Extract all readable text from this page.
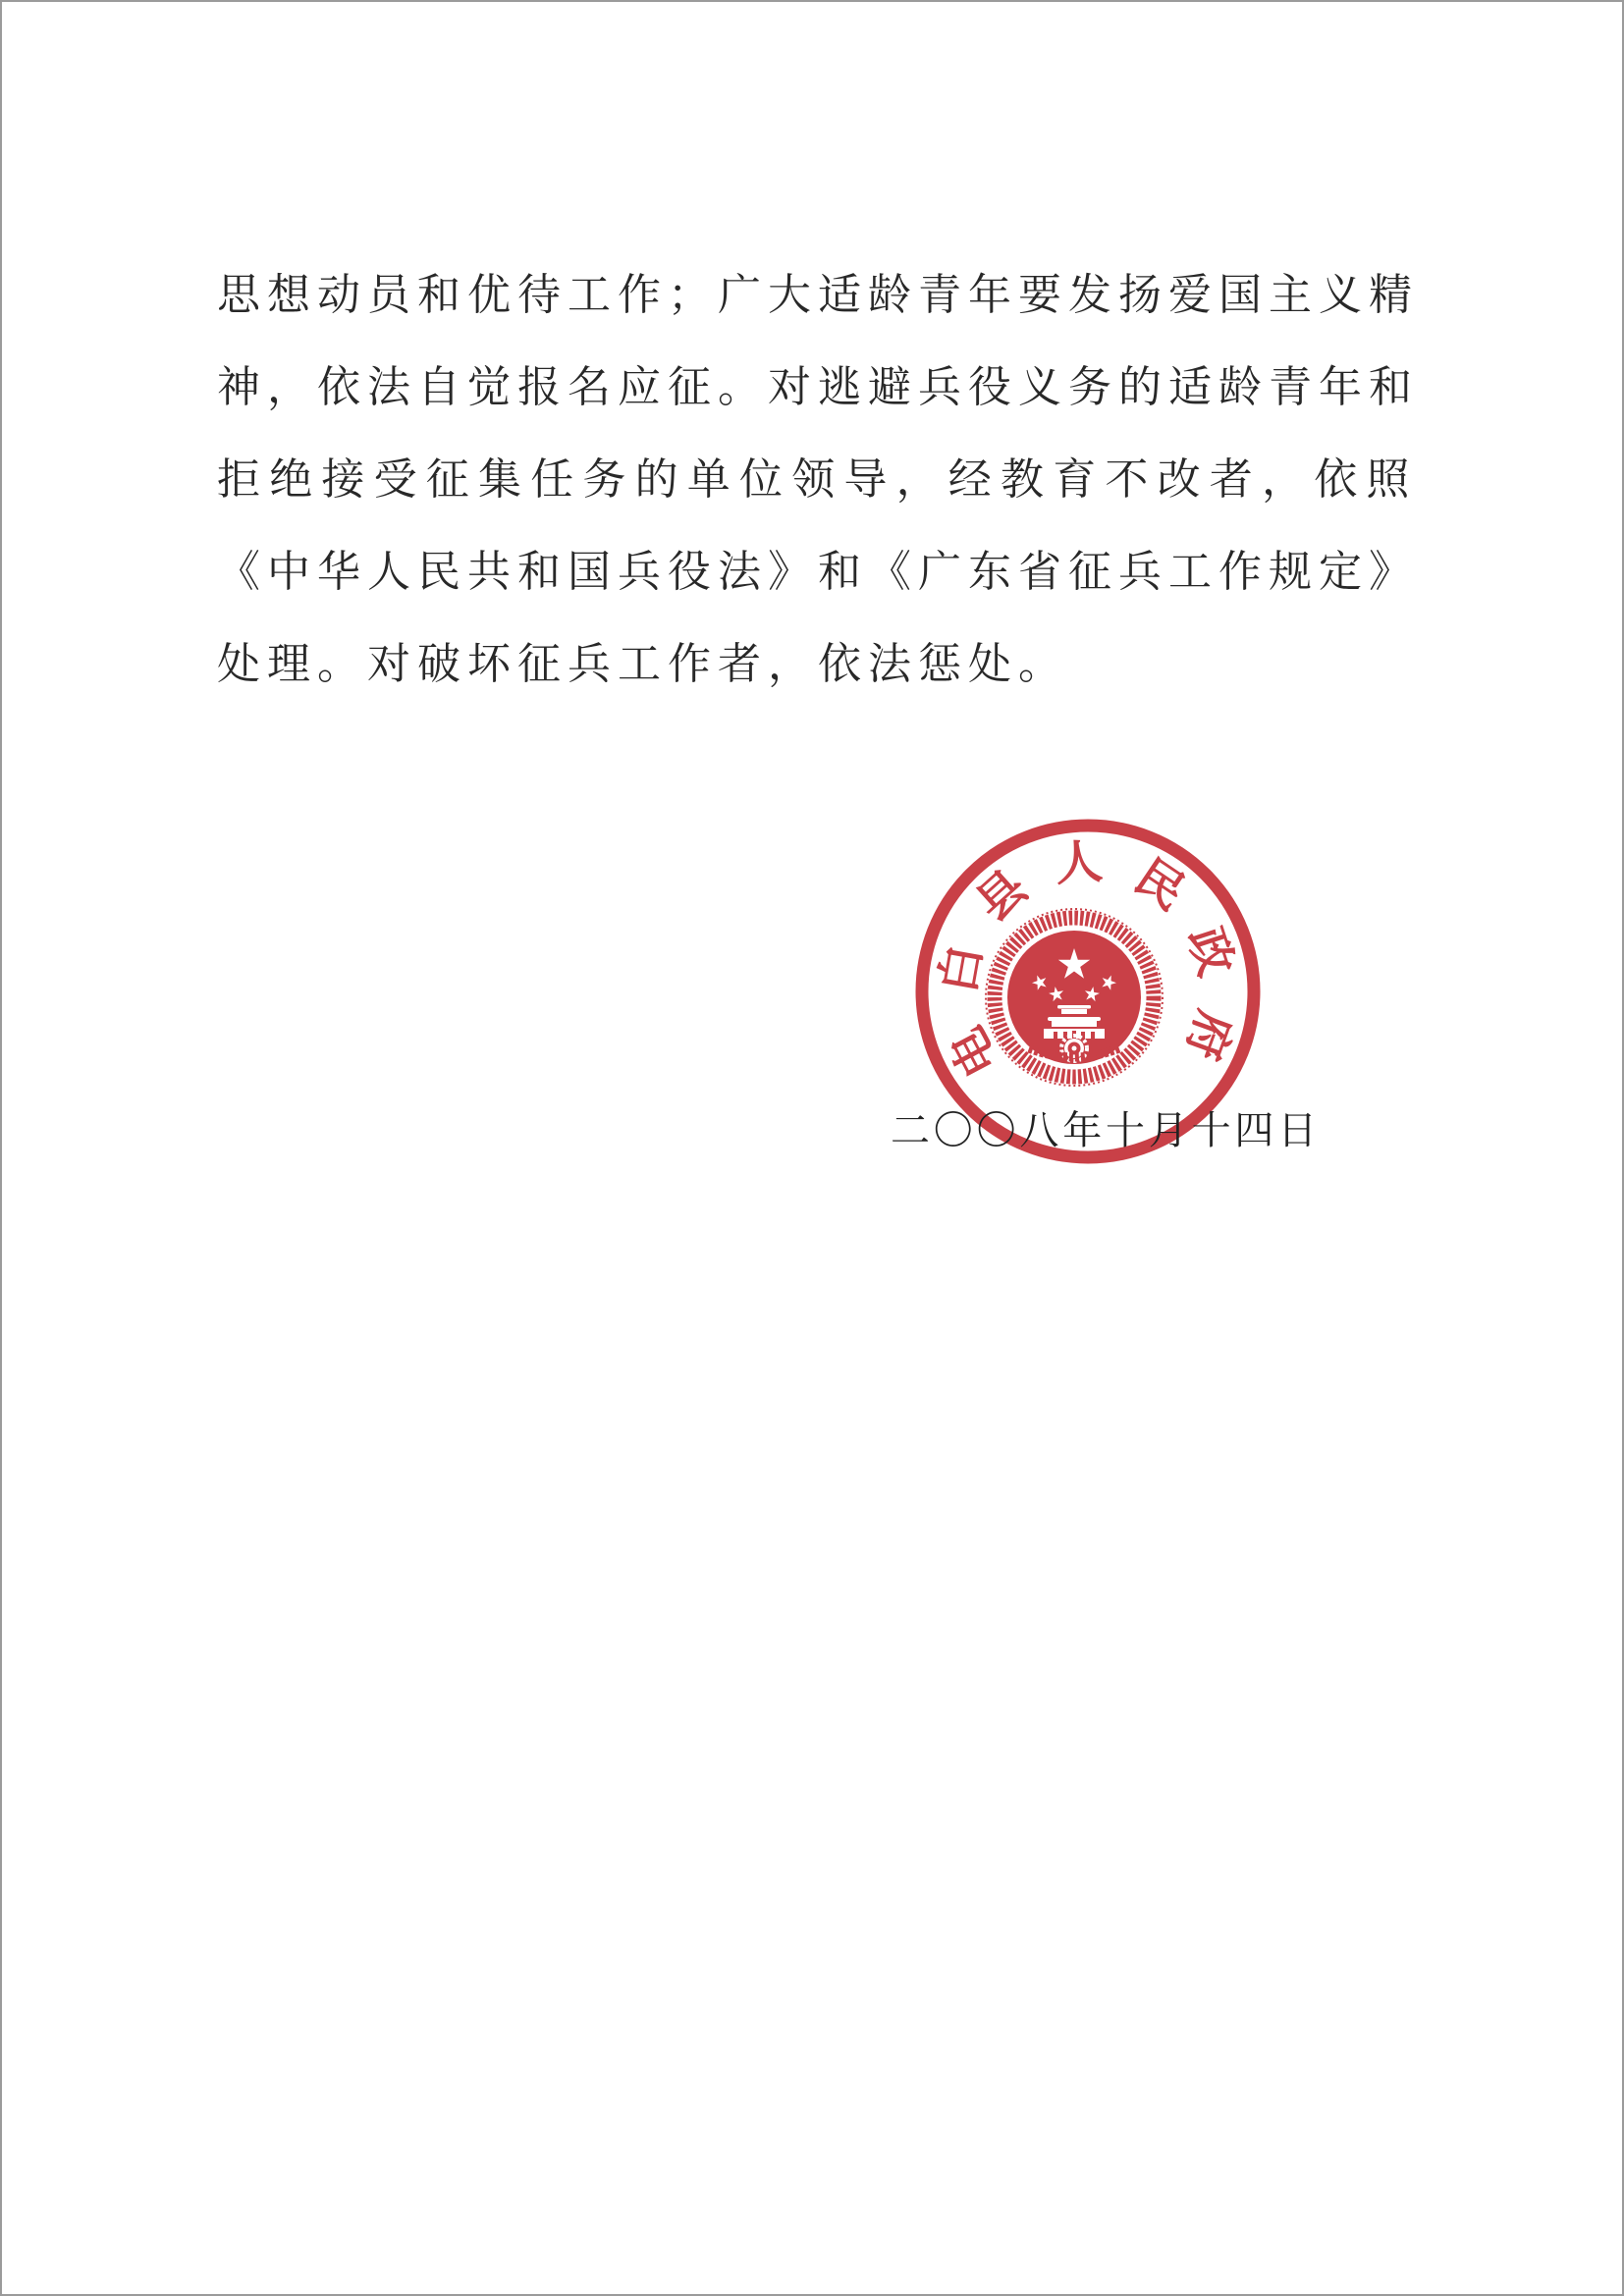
思想动员和优待工作；广大适龄青年要发扬爱国主义精
神，依法自觉报名应征。对逃避兵役义务的适龄青年和
拒绝接受征集任务的单位领导，经教育不改者，依照
《中华人民共和国兵役法》和《广东省征兵工作规定》
处理。对破坏征兵工作者，依法惩处。
电
白
县 人 民
政
府
二〇〇八年十月十四日
